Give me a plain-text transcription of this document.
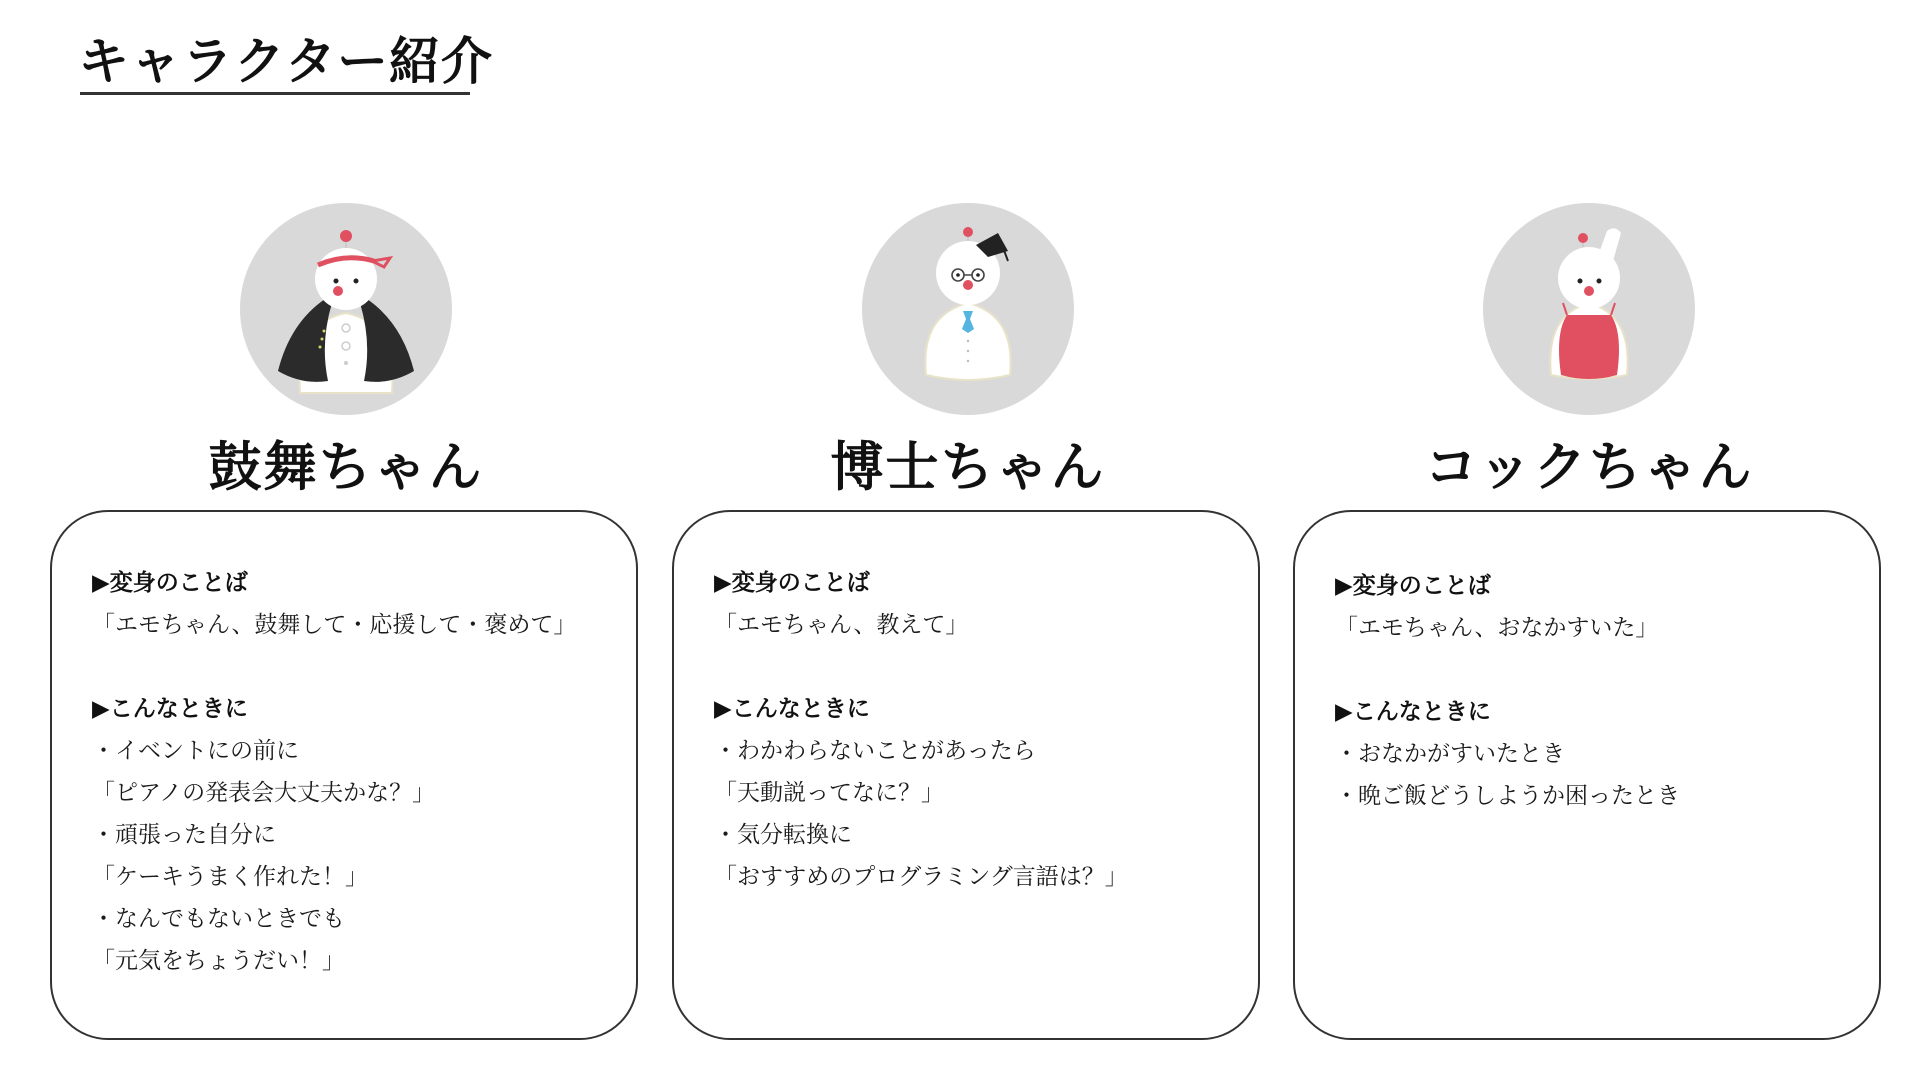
キャラクター紹介
鼓舞ちゃん
▶変身のことば
「エモちゃん、鼓舞して・応援して・褒めて」
▶こんなときに
・イベントにの前に
「ピアノの発表会大丈夫かな？」
・頑張った自分に
「ケーキうまく作れた！」
・なんでもないときでも
「元気をちょうだい！」
博士ちゃん
▶変身のことば
「エモちゃん、教えて」
▶こんなときに
・わかわらないことがあったら
「天動説ってなに？」
・気分転換に
「おすすめのプログラミング言語は？」
コックちゃん
▶変身のことば
「エモちゃん、おなかすいた」
▶こんなときに
・おなかがすいたとき
・晩ご飯どうしようか困ったとき
